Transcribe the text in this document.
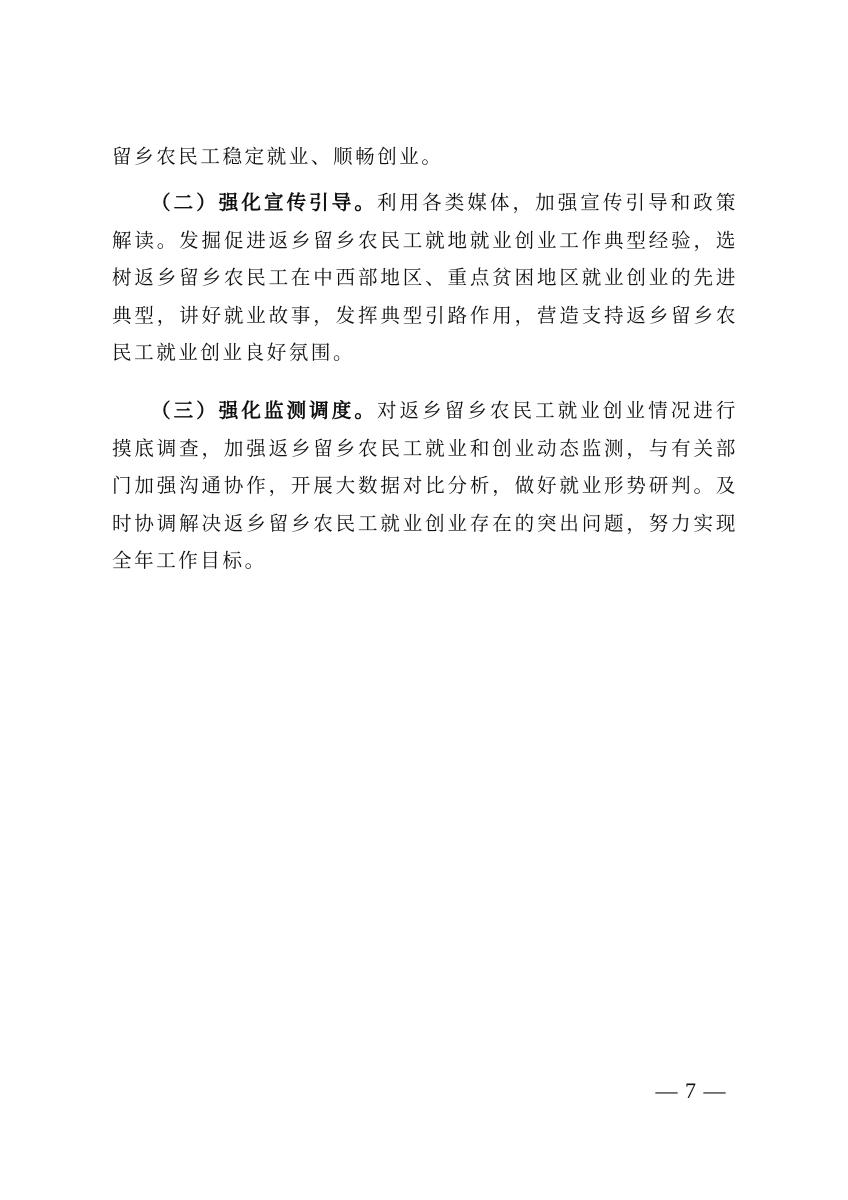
留乡农民工稳定就业、顺畅创业。

（二）强化宣传引导。利用各类媒体，加强宣传引导和政策解读。发掘促进返乡留乡农民工就地就业创业工作典型经验，选树返乡留乡农民工在中西部地区、重点贫困地区就业创业的先进典型，讲好就业故事，发挥典型引路作用，营造支持返乡留乡农民工就业创业良好氛围。

（三）强化监测调度。对返乡留乡农民工就业创业情况进行摸底调查，加强返乡留乡农民工就业和创业动态监测，与有关部门加强沟通协作，开展大数据对比分析，做好就业形势研判。及时协调解决返乡留乡农民工就业创业存在的突出问题，努力实现全年工作目标。

— 7 —
